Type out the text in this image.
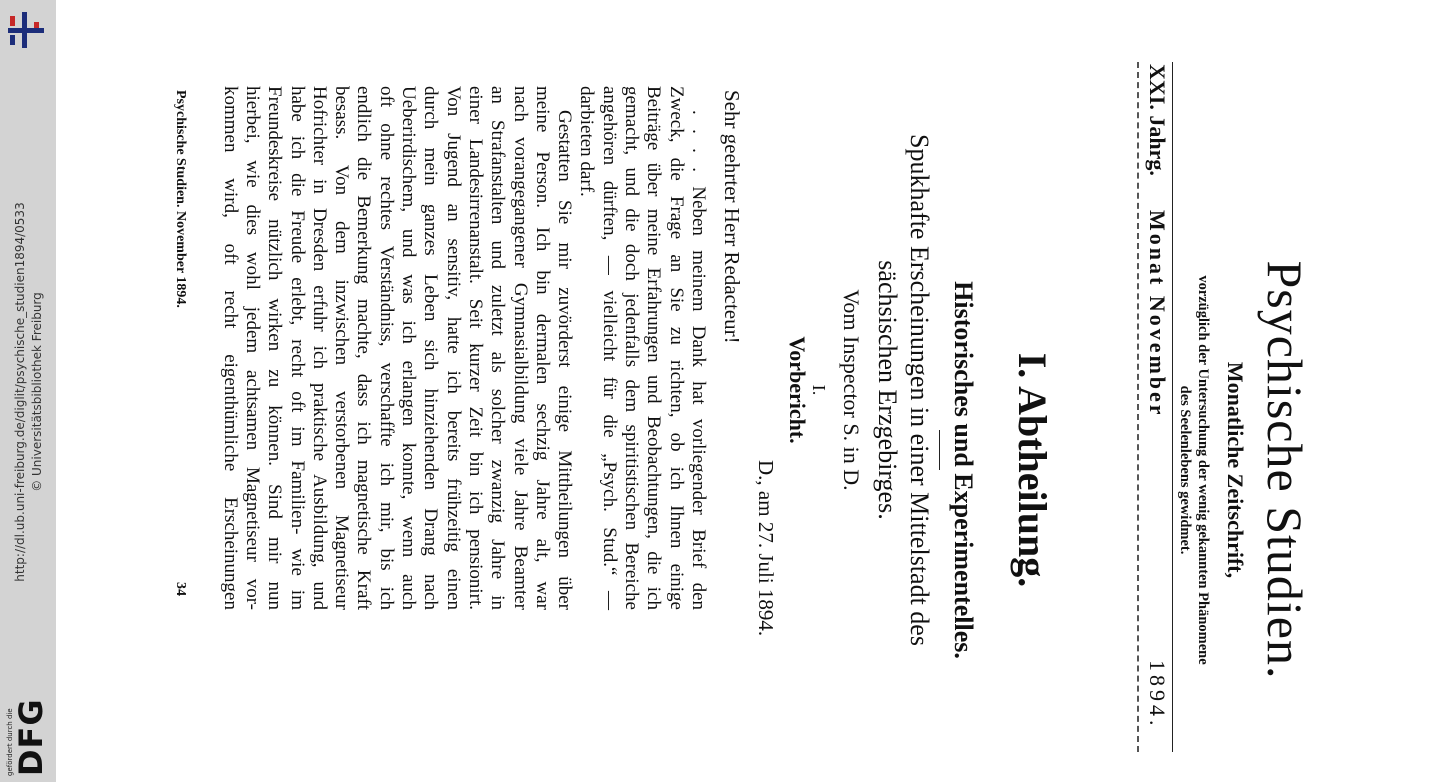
http://dl.ub.uni-freiburg.de/diglit/psychische_studien1894/0533 © Universitätsbibliothek Freiburg
gefördert durch die
DFG
Psychische Studien.
Monatliche Zeitschrift,
vorzüglich der Untersuchung der wenig gekannten Phänomene
des Seelenlebens gewidmet.
XXI. Jahrg.
Monat November
1894.
I. Abtheilung.
Historisches und Experimentelles.
Spukhafte Erscheinungen in einer Mittelstadt des
sächsischen Erzgebirges.
Vom Inspector S. in D.
I.
Vorbericht.
D., am 27. Juli 1894.
Sehr geehrter Herr Redacteur!
. . . . Neben meinem Dank hat vorliegender Brief den
Zweck, die Frage an Sie zu richten, ob ich Ihnen einige
Beiträge über meine Erfahrungen und Beobachtungen, die ich
gemacht, und die doch jedenfalls dem spiritistischen Bereiche
angehören dürften, — vielleicht für die „Psych. Stud.“ —
darbieten darf.
Gestatten Sie mir zuvörderst einige Mittheilungen über
meine Person. Ich bin dermalen sechzig Jahre alt, war
nach vorangegangener Gymnasialbildung viele Jahre Beamter
an Strafanstalten und zuletzt als solcher zwanzig Jahre in
einer Landesirrenanstalt. Seit kurzer Zeit bin ich pensionirt.
Von Jugend an sensitiv, hatte ich bereits frühzeitig einen
durch mein ganzes Leben sich hinziehenden Drang nach
Ueberirdischem, und was ich erlangen konnte, wenn auch
oft ohne rechtes Verständniss, verschaffte ich mir, bis ich
endlich die Bemerkung machte, dass ich magnetische Kraft
besass. Von dem inzwischen verstorbenen Magnetiseur
Hofrichter in Dresden erfuhr ich praktische Ausbildung, und
habe ich die Freude erlebt, recht oft im Familien- wie im
Freundeskreise nützlich wirken zu können. Sind mir nun
hierbei, wie dies wohl jedem achtsamen Magnetiseur vor-
kommen wird, oft recht eigenthümliche Erscheinungen
Psychische Studien. November 1894.
34
